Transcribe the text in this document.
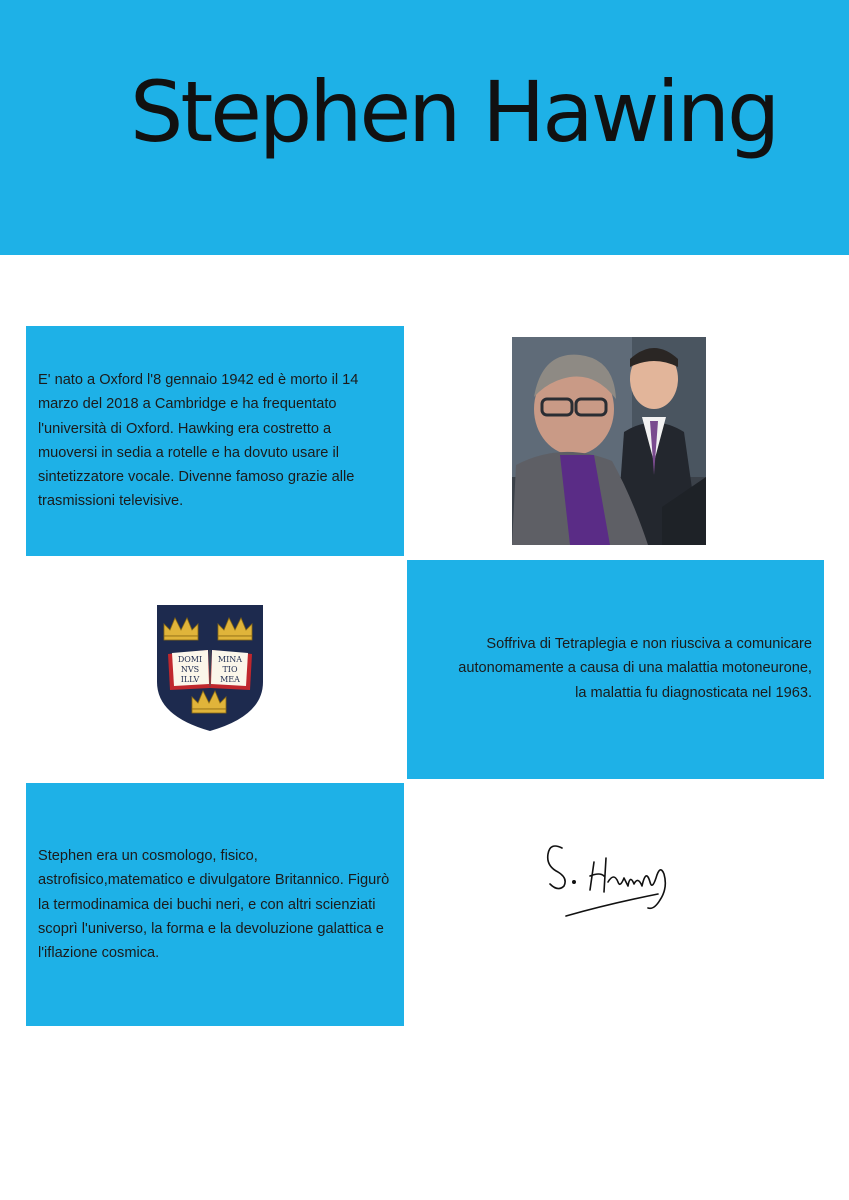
Stephen Hawing

E' nato a Oxford l'8 gennaio 1942 ed è morto il 14 marzo del 2018 a Cambridge e ha frequentato l'università di Oxford. Hawking era costretto a muoversi in sedia a rotelle e ha dovuto usare il sintetizzatore vocale. Divenne famoso grazie alle trasmissioni televisive.

DOMI
NVS
ILLV
MINA
TIO
MEA

Soffriva di Tetraplegia e non riusciva a comunicare

autonomamente a causa di una malattia motoneurone,

la malattia fu diagnosticata nel 1963.

Stephen era un cosmologo, fisico, astrofisico,matematico e divulgatore Britannico. Figurò la termodinamica dei buchi neri, e con altri scienziati scoprì l'universo, la forma e la devoluzione galattica e l'iflazione cosmica.
